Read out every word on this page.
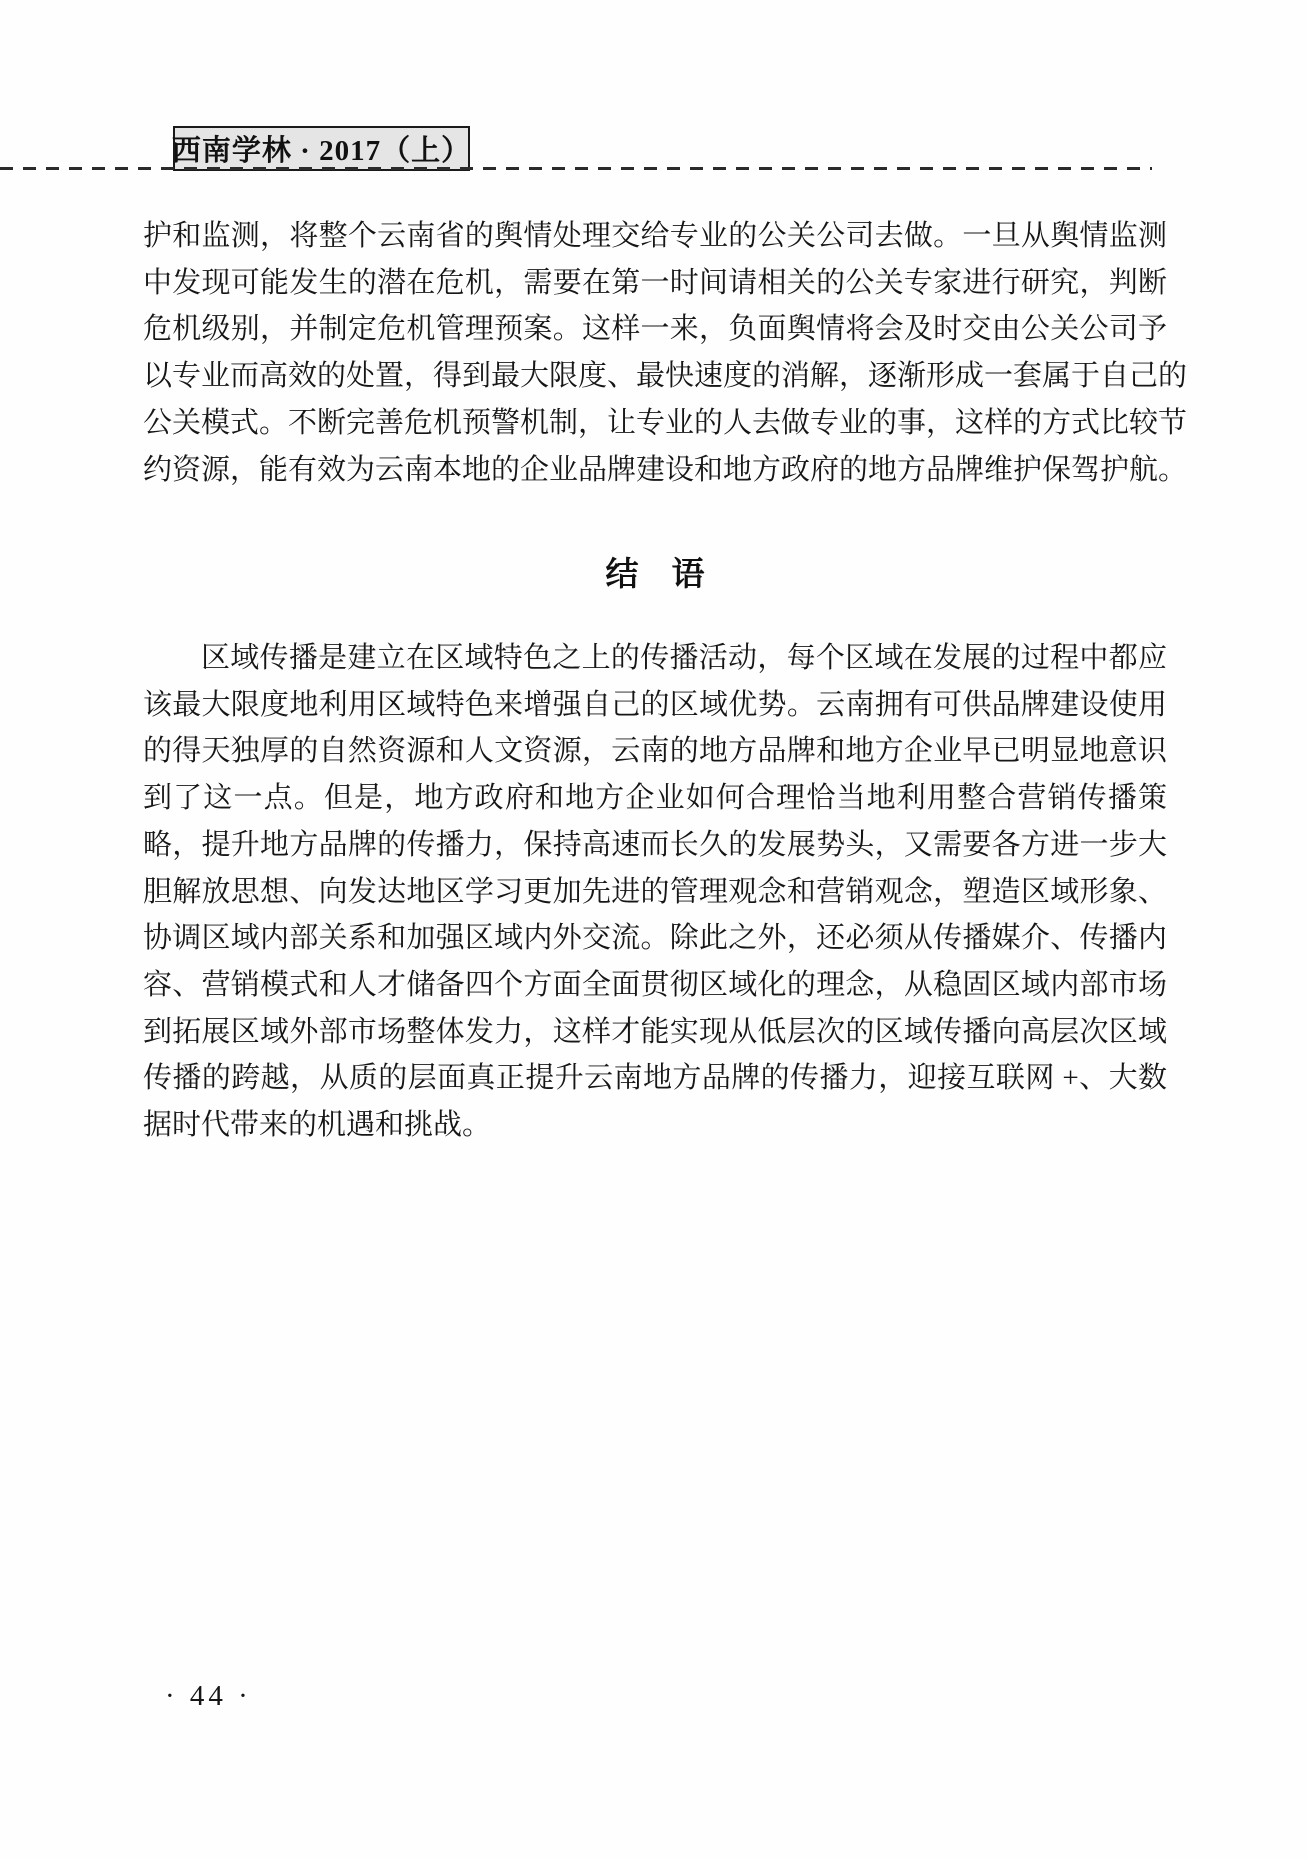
西南学林 · 2017（上）
护和监测，将整个云南省的舆情处理交给专业的公关公司去做。一旦从舆情监测
中发现可能发生的潜在危机，需要在第一时间请相关的公关专家进行研究，判断
危机级别，并制定危机管理预案。这样一来，负面舆情将会及时交由公关公司予
以专业而高效的处置，得到最大限度、最快速度的消解，逐渐形成一套属于自己的
公关模式。不断完善危机预警机制，让专业的人去做专业的事，这样的方式比较节
约资源，能有效为云南本地的企业品牌建设和地方政府的地方品牌维护保驾护航。
结　语
区域传播是建立在区域特色之上的传播活动，每个区域在发展的过程中都应
该最大限度地利用区域特色来增强自己的区域优势。云南拥有可供品牌建设使用
的得天独厚的自然资源和人文资源，云南的地方品牌和地方企业早已明显地意识
到了这一点。但是，地方政府和地方企业如何合理恰当地利用整合营销传播策
略，提升地方品牌的传播力，保持高速而长久的发展势头，又需要各方进一步大
胆解放思想、向发达地区学习更加先进的管理观念和营销观念，塑造区域形象、
协调区域内部关系和加强区域内外交流。除此之外，还必须从传播媒介、传播内
容、营销模式和人才储备四个方面全面贯彻区域化的理念，从稳固区域内部市场
到拓展区域外部市场整体发力，这样才能实现从低层次的区域传播向高层次区域
传播的跨越，从质的层面真正提升云南地方品牌的传播力，迎接互联网 +、大数
据时代带来的机遇和挑战。
· 44 ·
